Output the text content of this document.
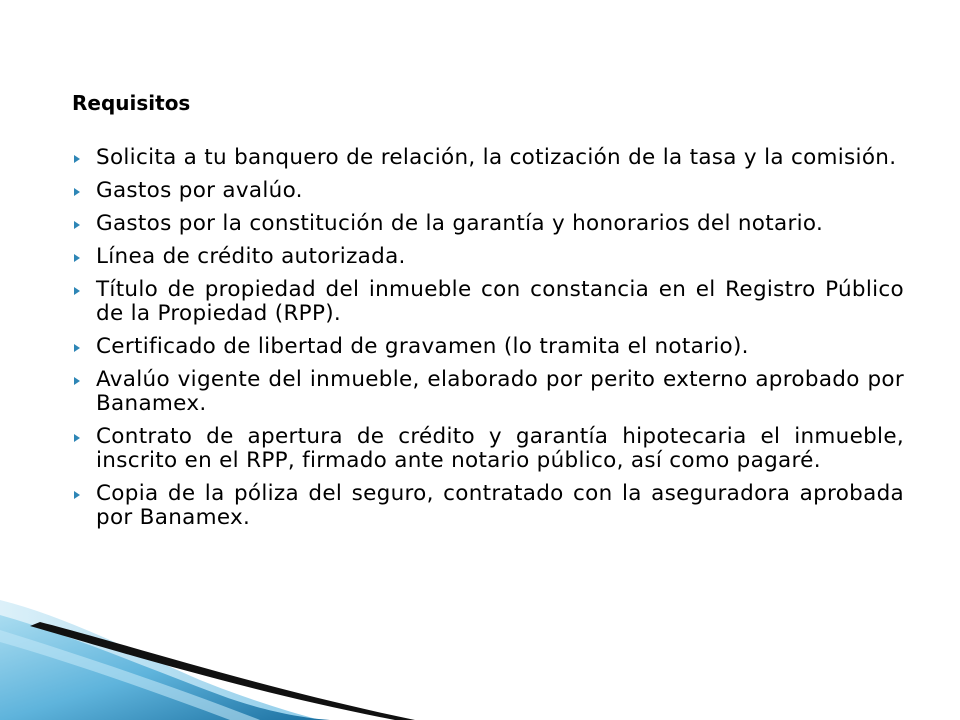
Requisitos
Solicita a tu banquero de relación, la cotización de la tasa y la comisión.
Gastos por avalúo.
Gastos por la constitución de la garantía y honorarios del notario.
Línea de crédito autorizada.
Título de propiedad del inmueble con constancia en el Registro Público de la Propiedad (RPP).
Certificado de libertad de gravamen (lo tramita el notario).
Avalúo vigente del inmueble, elaborado por perito externo aprobado por Banamex.
Contrato de apertura de crédito y garantía hipotecaria el inmueble, inscrito en el RPP, firmado ante notario público, así como pagaré.
Copia de la póliza del seguro, contratado con la aseguradora aprobada por Banamex.
